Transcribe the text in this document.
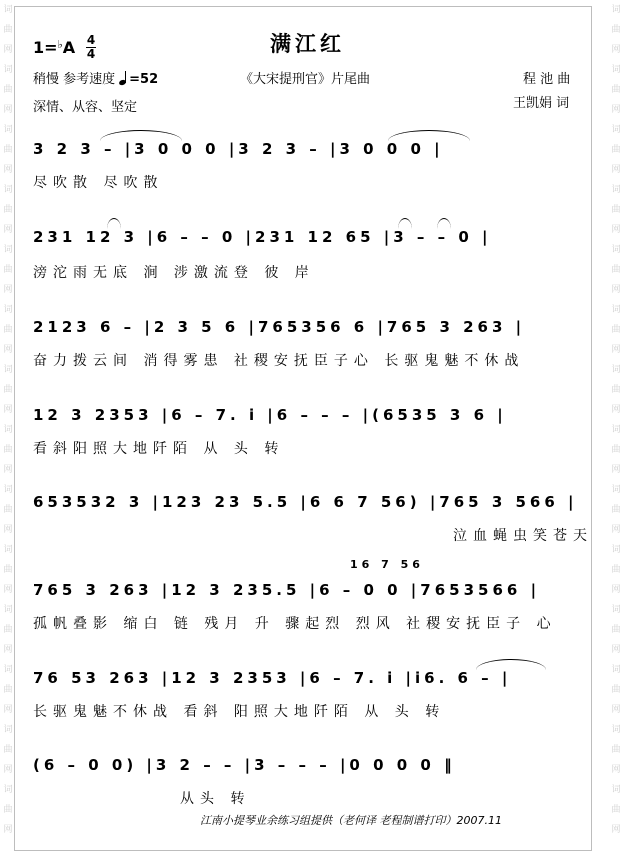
词
曲
网
词
曲
网
词
曲
网
词
曲
网
词
曲
网
词
曲
网
词
曲
网
词
曲
网
词
曲
网
词
曲
网
词
曲
网
词
曲
网
词
曲
网
词
曲
网
词
曲
网
词
曲
网
词
曲
网
词
曲
网
词
曲
网
词
曲
网
词
曲
网
词
曲
网
词
曲
网
词
曲
网
词
曲
网
词
曲
网
词
曲
网
词
曲
网
满江红
1=♭A 4
4
稍慢 参考速度 =52
深情、从容、坚定
《大宋提刑官》片尾曲	程 池 曲
王凯娟 词
3 2 3 – |3 0 0 0 |3 2 3 – |3 0 0 0 |
尽吹散 尽吹散
231 12 3 |6 – – 0 |231 12 65 |3 – – 0 |
滂沱雨无底 涧 涉激流登 彼 岸
2123 6 – |2 3 5 6 |765356 6 |765 3 263 |
奋力拨云间 消得雾患 社稷安抚臣子心 长驱鬼魅不休战
12 3 2353 |6 – 7. i |6 – – – |(6535 3 6 |
看斜阳照大地阡陌 从 头 转
653532 3 |123 23 5.5 |6 6 7 56) |765 3 566 |
泣血蝇虫笑苍天
16 7 56
765 3 263 |12 3 235.5 |6 – 0 0 |7653566 |
孤帆叠影 缩白 链 残月 升 骤起烈 烈风 社稷安抚臣子 心
76 53 263 |12 3 2353 |6 – 7. i |i6. 6 – |
长驱鬼魅不休战 看斜 阳照大地阡陌 从 头 转
(6 – 0 0) |3 2 – – |3 – – – |0 0 0 0 ‖
从头 转
江南小提琴业余练习组提供（老何译 老程制谱打印）2007.11
